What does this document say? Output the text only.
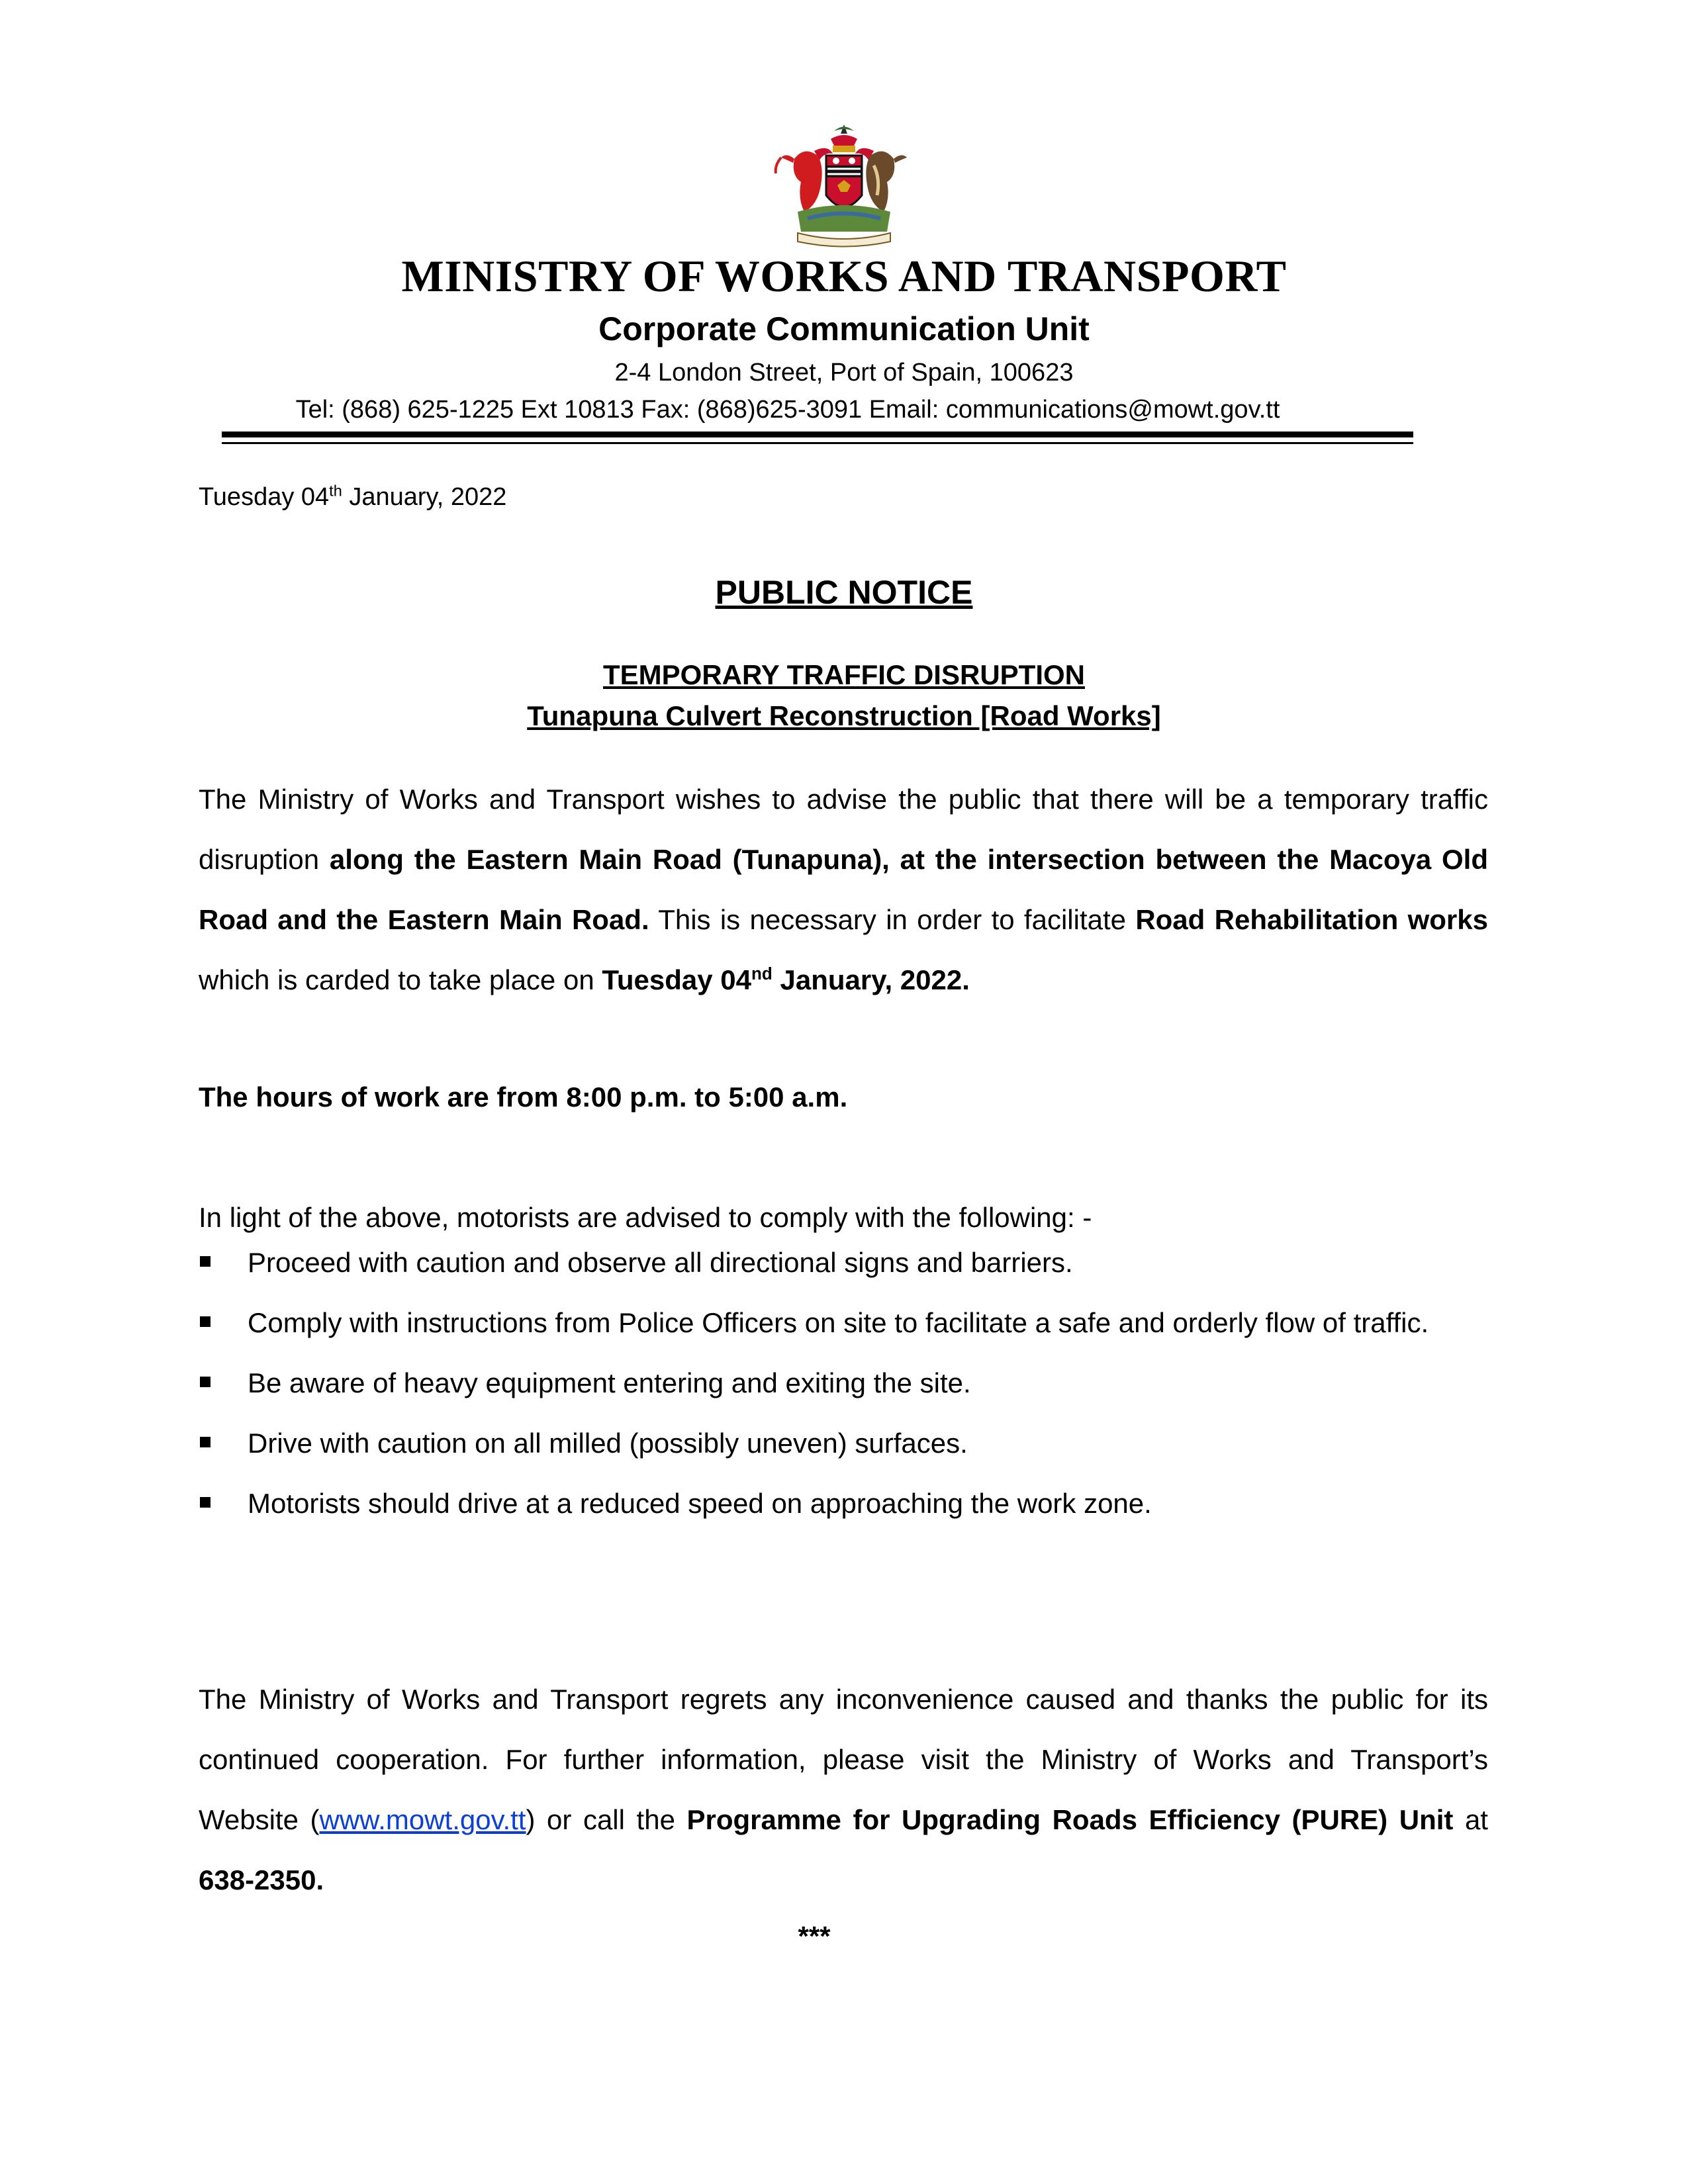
MINISTRY OF WORKS AND TRANSPORT
Corporate Communication Unit
2-4 London Street, Port of Spain, 100623
Tel: (868) 625-1225 Ext 10813 Fax: (868)625-3091 Email: communications@mowt.gov.tt
Tuesday 04th January, 2022
PUBLIC NOTICE
TEMPORARY TRAFFIC DISRUPTION
Tunapuna Culvert Reconstruction [Road Works]

The Ministry of Works and Transport wishes to advise the public that there will be a temporary traffic disruption along the Eastern Main Road (Tunapuna), at the intersection between the Macoya Old Road and the Eastern Main Road. This is necessary in order to facilitate Road Rehabilitation works which is carded to take place on Tuesday 04nd January, 2022.

The hours of work are from 8:00 p.m. to 5:00 a.m.
In light of the above, motorists are advised to comply with the following: -
Proceed with caution and observe all directional signs and barriers.
Comply with instructions from Police Officers on site to facilitate a safe and orderly flow of traffic.
Be aware of heavy equipment entering and exiting the site.
Drive with caution on all milled (possibly uneven) surfaces.
Motorists should drive at a reduced speed on approaching the work zone.

The Ministry of Works and Transport regrets any inconvenience caused and thanks the public for its continued cooperation. For further information, please visit the Ministry of Works and Transport’s Website (www.mowt.gov.tt) or call the Programme for Upgrading Roads Efficiency (PURE) Unit at 638-2350.

***
